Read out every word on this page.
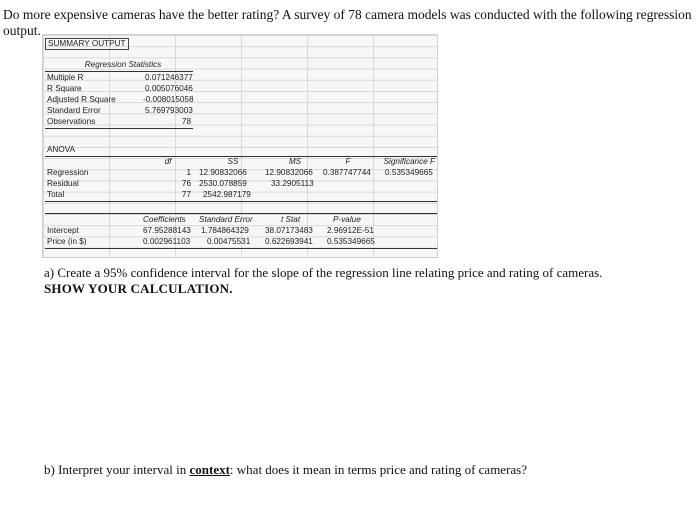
Do more expensive cameras have the better rating? A survey of 78 camera models was conducted with the following regression output.
SUMMARY OUTPUT
Regression Statistics
Multiple R	0.071246377
R Square	0.005076046
Adjusted R Square	-0.008015058
Standard Error	5.769793003
Observations	78
ANOVA
df	SS	MS	F	Significance F
Regression	1 12.90832066 12.90832066 0.387747744 0.535349665
Residual	76 2530.078859	33.2905113
Total	77 2542.987179
Coefficients Standard Error	t Stat	P-value
Intercept	67.95288143 1.784864329 38.07173483 2.96912E-51
Price (in $)	0.002961103 0.00475531 0.622693941 0.535349665
a) Create a 95% confidence interval for the slope of the regression line relating price and rating of cameras.
SHOW YOUR CALCULATION.
b) Interpret your interval in context: what does it mean in terms price and rating of cameras?
